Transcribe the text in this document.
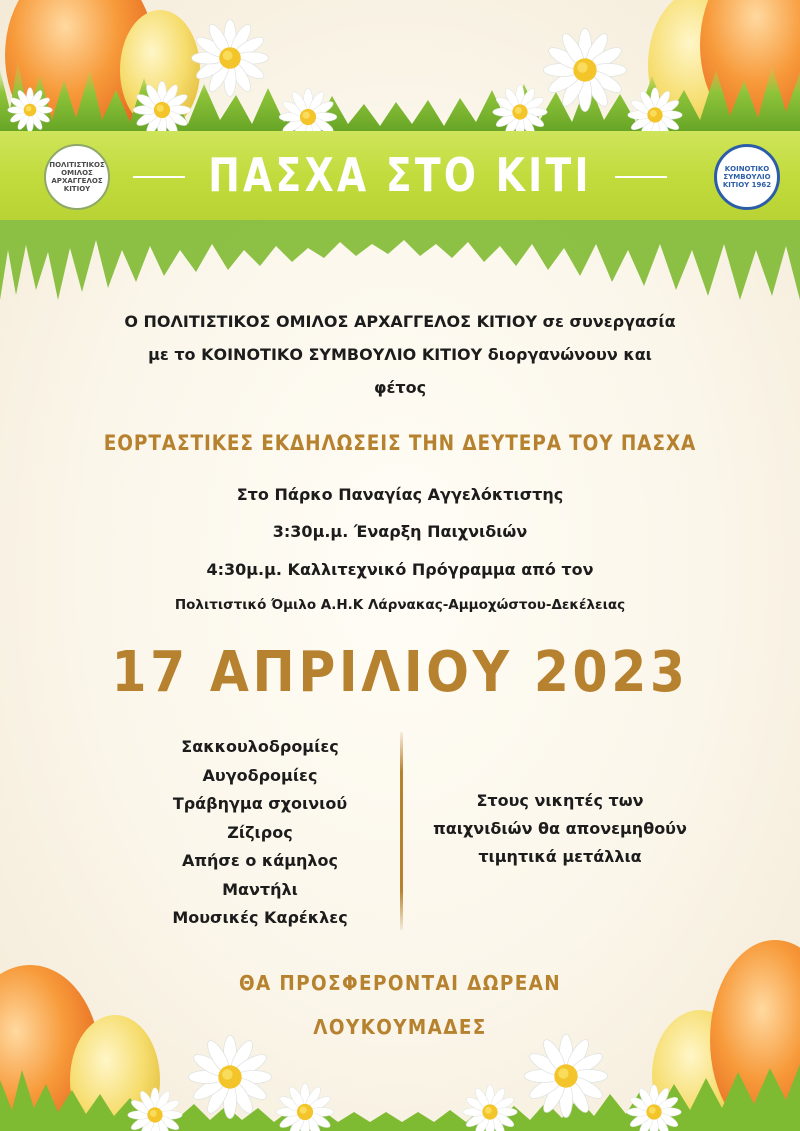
ΠΑΣΧΑ ΣΤΟ ΚΙΤΙ
ΠΟΛΙΤΙΣΤΙΚΟΣ ΟΜΙΛΟΣ ΑΡΧΑΓΓΕΛΟΣ ΚΙΤΙΟΥ
ΚΟΙΝΟΤΙΚΟ ΣΥΜΒΟΥΛΙΟ ΚΙΤΙΟΥ 1962
Ο ΠΟΛΙΤΙΣΤΙΚΟΣ ΟΜΙΛΟΣ ΑΡΧΑΓΓΕΛΟΣ ΚΙΤΙΟΥ σε συνεργασία
με το ΚΟΙΝΟΤΙΚΟ ΣΥΜΒΟΥΛΙΟ ΚΙΤΙΟΥ διοργανώνουν και
φέτος
ΕΟΡΤΑΣΤΙΚΕΣ ΕΚΔΗΛΩΣΕΙΣ ΤΗΝ ΔΕΥΤΕΡΑ ΤΟΥ ΠΑΣΧΑ
Στο Πάρκο Παναγίας Αγγελόκτιστης
3:30μ.μ. Έναρξη Παιχνιδιών
4:30μ.μ. Καλλιτεχνικό Πρόγραμμα από τον
Πολιτιστικό Όμιλο Α.Η.Κ Λάρνακας-Αμμοχώστου-Δεκέλειας
17 ΑΠΡΙΛΙΟΥ 2023
Σακκουλοδρομίες
Αυγοδρομίες
Τράβηγμα σχοινιού
Ζίζιρος
Απήσε ο κάμηλος
Μαντήλι
Μουσικές Καρέκλες
Στους νικητές των
παιχνιδιών θα απονεμηθούν
τιμητικά μετάλλια
ΘΑ ΠΡΟΣΦΕΡΟΝΤΑΙ ΔΩΡΕΑΝ
ΛΟΥΚΟΥΜΑΔΕΣ
